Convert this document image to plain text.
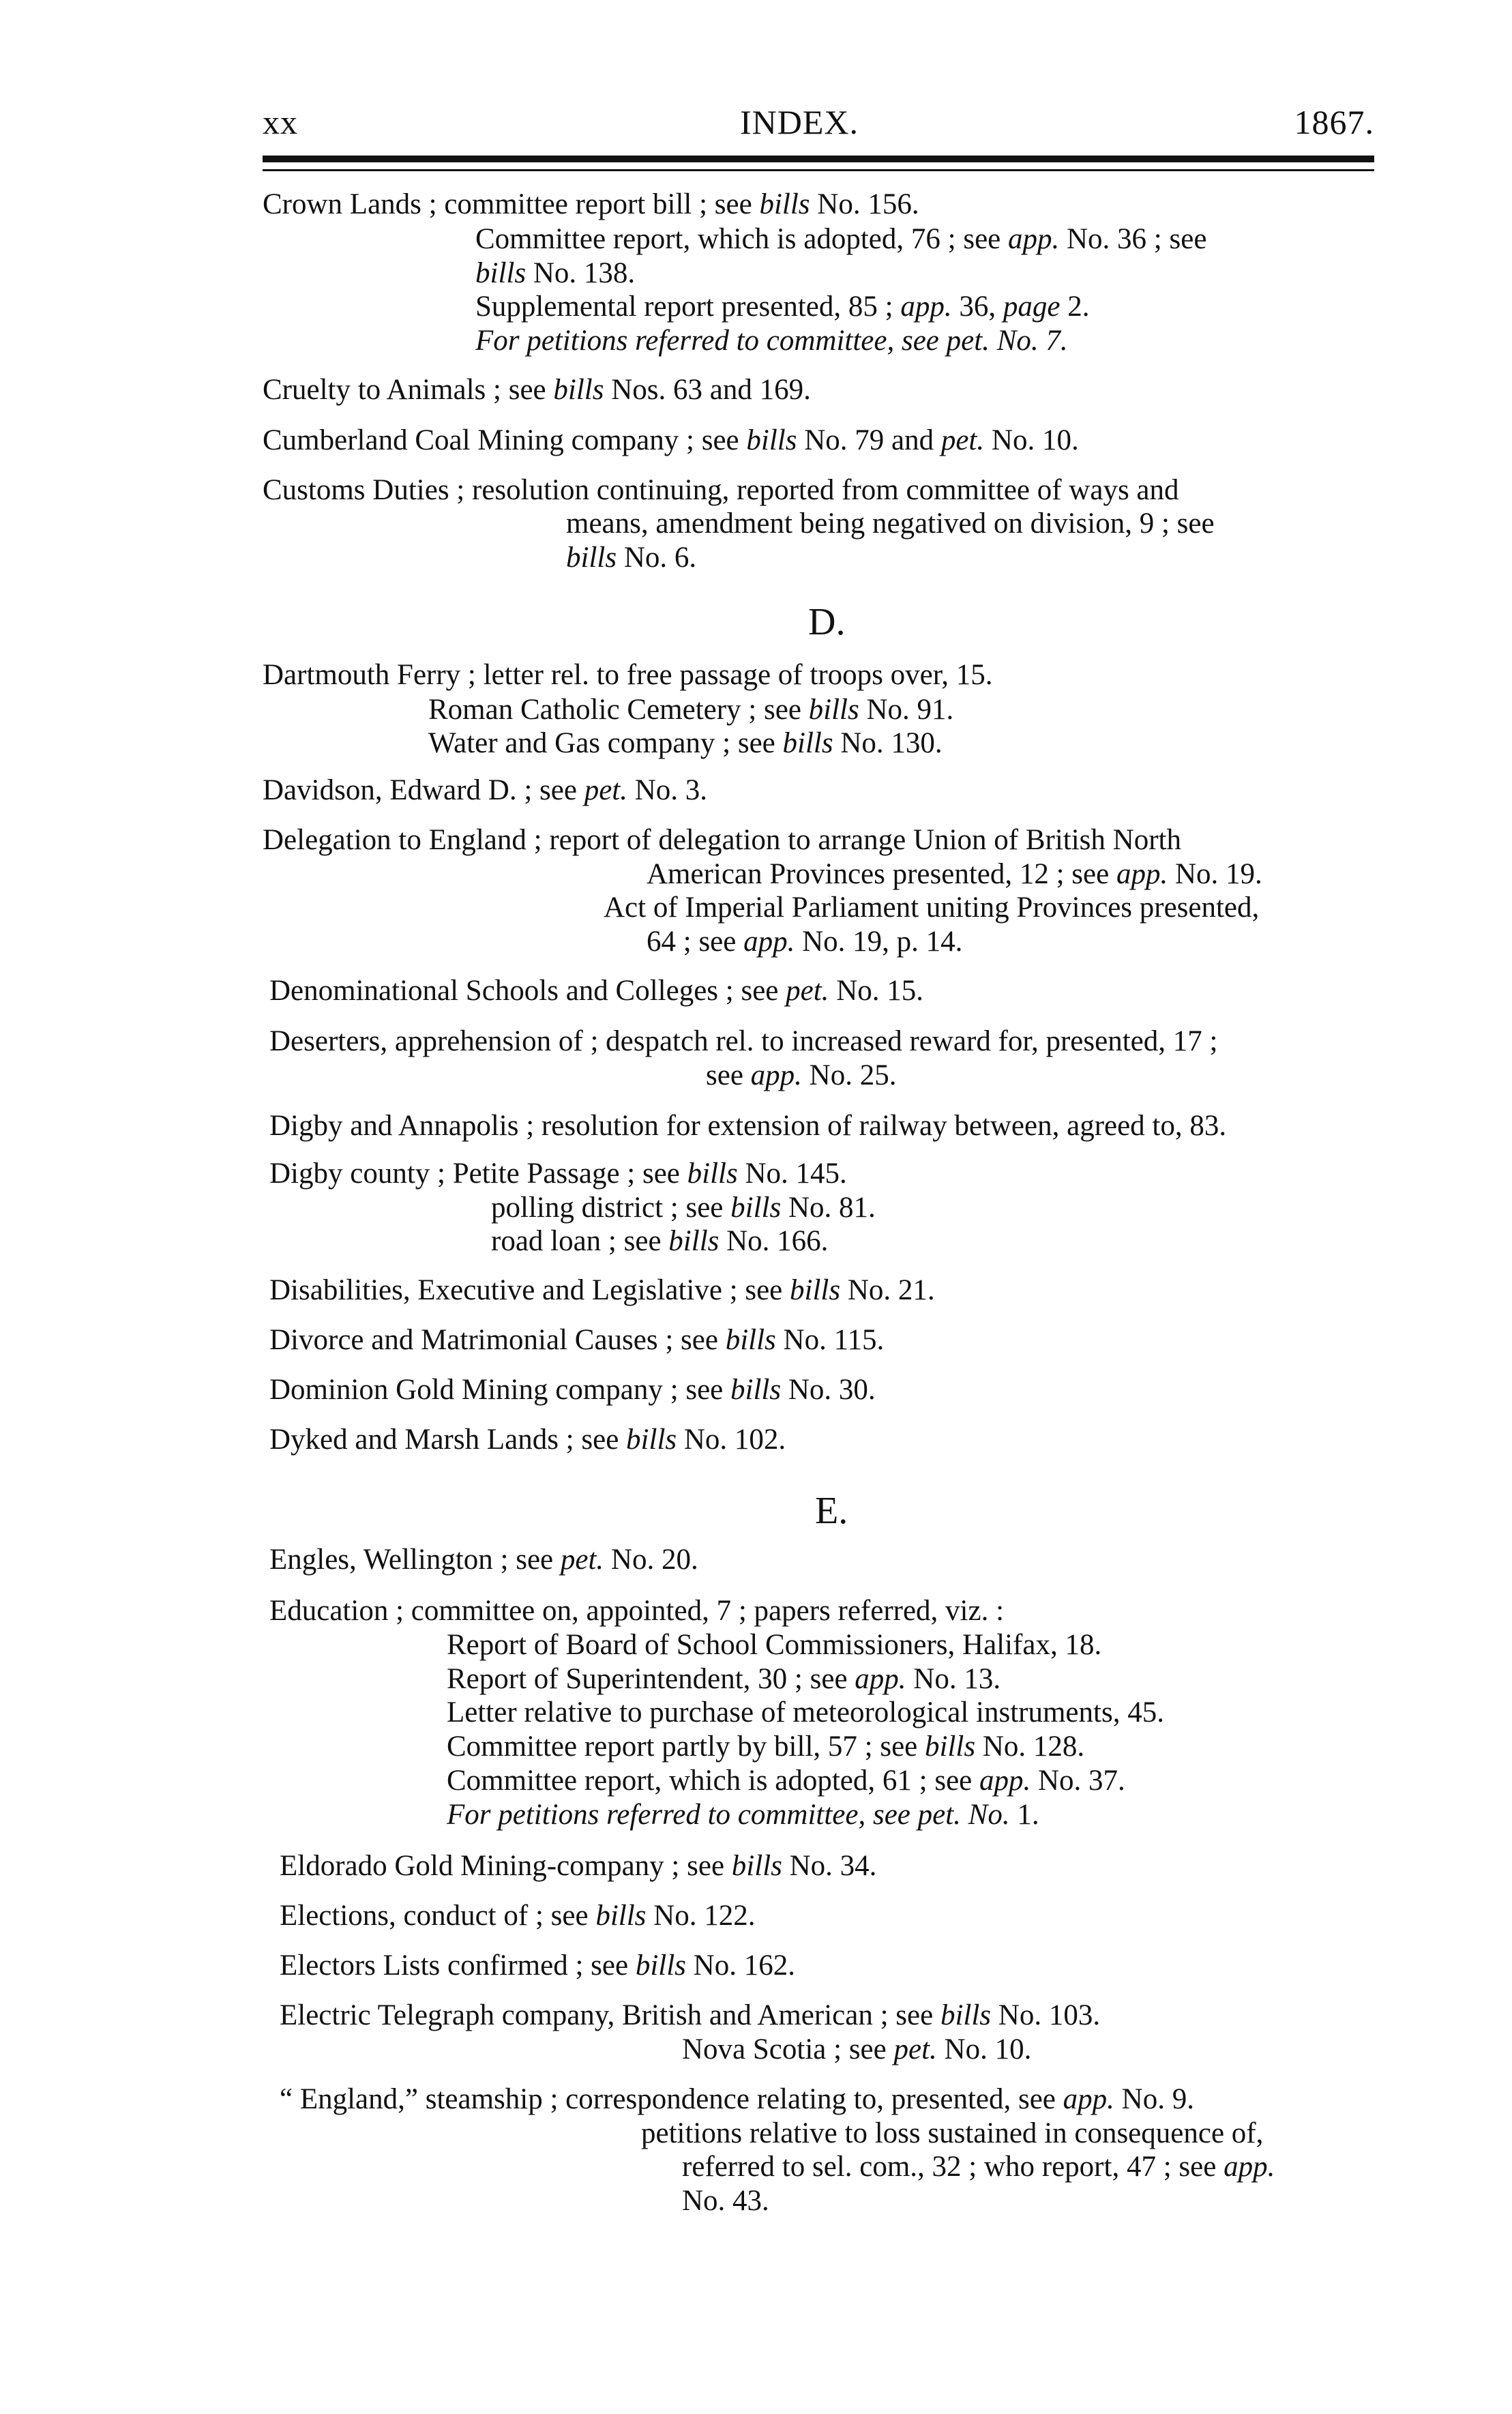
xx	INDEX.	1867.
D.
E.
Crown Lands ; committee report bill ; see bills No. 156.
Committee report, which is adopted, 76 ; see app. No. 36 ; see
bills No. 138.
Supplemental report presented, 85 ; app. 36, page 2.
For petitions referred to committee, see pet. No. 7.
Cruelty to Animals ; see bills Nos. 63 and 169.
Cumberland Coal Mining company ; see bills No. 79 and pet. No. 10.
Customs Duties ; resolution continuing, reported from committee of ways and
means, amendment being negatived on division, 9 ; see
bills No. 6.
Dartmouth Ferry ; letter rel. to free passage of troops over, 15.
Roman Catholic Cemetery ; see bills No. 91.
Water and Gas company ; see bills No. 130.
Davidson, Edward D. ; see pet. No. 3.
Delegation to England ; report of delegation to arrange Union of British North
American Provinces presented, 12 ; see app. No. 19.
Act of Imperial Parliament uniting Provinces presented,
64 ; see app. No. 19, p. 14.
Denominational Schools and Colleges ; see pet. No. 15.
Deserters, apprehension of ; despatch rel. to increased reward for, presented, 17 ;
see app. No. 25.
Digby and Annapolis ; resolution for extension of railway between, agreed to, 83.
Digby county ; Petite Passage ; see bills No. 145.
polling district ; see bills No. 81.
road loan ; see bills No. 166.
Disabilities, Executive and Legislative ; see bills No. 21.
Divorce and Matrimonial Causes ; see bills No. 115.
Dominion Gold Mining company ; see bills No. 30.
Dyked and Marsh Lands ; see bills No. 102.
Engles, Wellington ; see pet. No. 20.
Education ; committee on, appointed, 7 ; papers referred, viz. :
Report of Board of School Commissioners, Halifax, 18.
Report of Superintendent, 30 ; see app. No. 13.
Letter relative to purchase of meteorological instruments, 45.
Committee report partly by bill, 57 ; see bills No. 128.
Committee report, which is adopted, 61 ; see app. No. 37.
For petitions referred to committee, see pet. No. 1.
Eldorado Gold Mining-company ; see bills No. 34.
Elections, conduct of ; see bills No. 122.
Electors Lists confirmed ; see bills No. 162.
Electric Telegraph company, British and American ; see bills No. 103.
Nova Scotia ; see pet. No. 10.
“ England,” steamship ; correspondence relating to, presented, see app. No. 9.
petitions relative to loss sustained in consequence of,
referred to sel. com., 32 ; who report, 47 ; see app.
No. 43.
